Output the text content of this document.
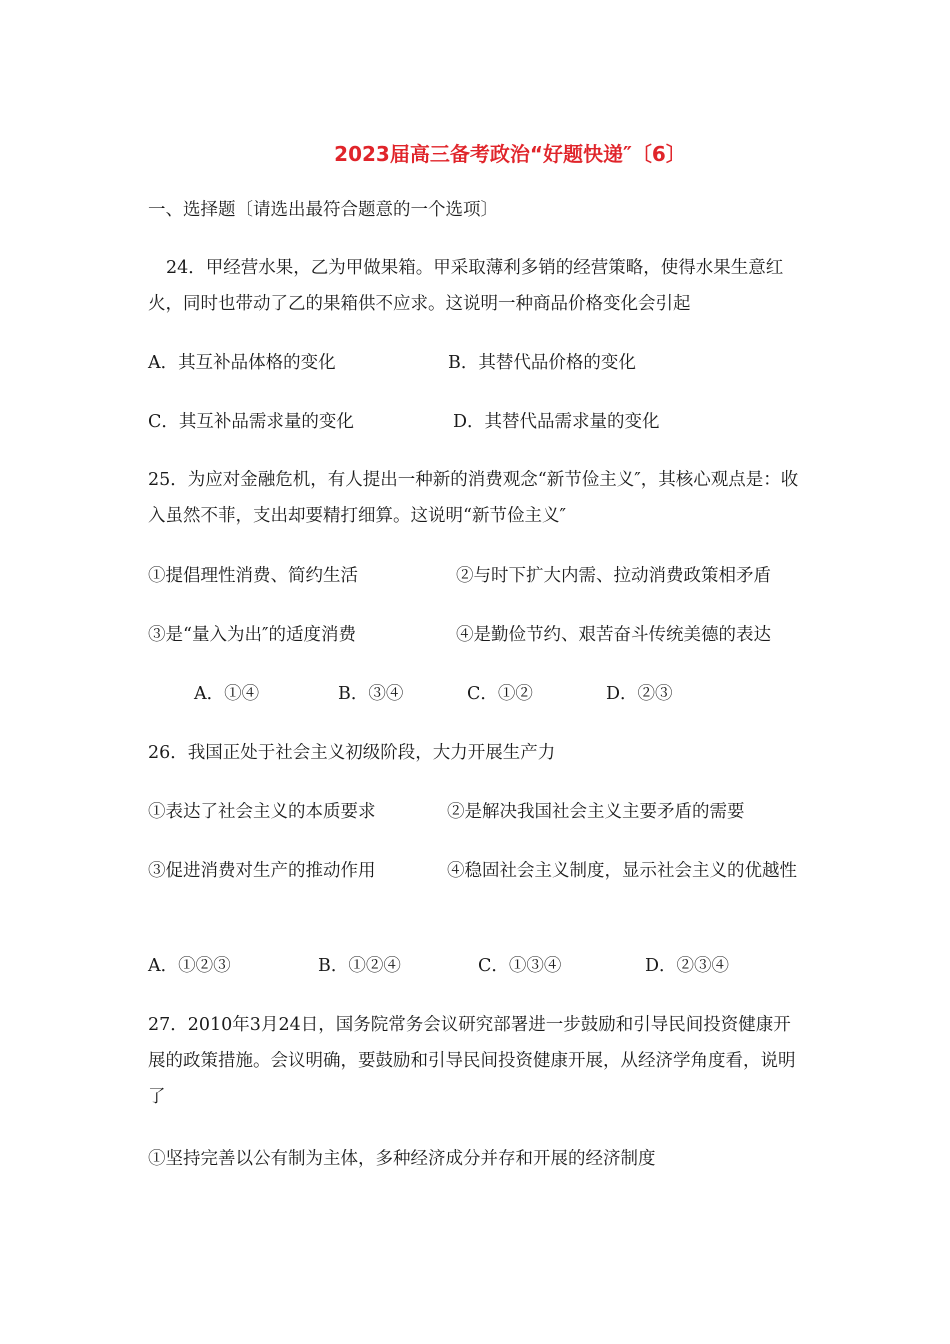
2023届高三备考政治“好题快递″〔6〕
一、选择题〔请选出最符合题意的一个选项〕
24．甲经营水果，乙为甲做果箱。甲采取薄利多销的经营策略，使得水果生意红火，同时也带动了乙的果箱供不应求。这说明一种商品价格变化会引起
A．其互补品体格的变化	B．其替代品价格的变化
C．其互补品需求量的变化	D．其替代品需求量的变化
25．为应对金融危机，有人提出一种新的消费观念“新节俭主义″，其核心观点是：收入虽然不菲，支出却要精打细算。这说明“新节俭主义″
①提倡理性消费、简约生活	②与时下扩大内需、拉动消费政策相矛盾
③是“量入为出″的适度消费	④是勤俭节约、艰苦奋斗传统美德的表达
A．①④	B．③④	C．①②	D．②③
26．我国正处于社会主义初级阶段，大力开展生产力
①表达了社会主义的本质要求	②是解决我国社会主义主要矛盾的需要
③促进消费对生产的推动作用	④稳固社会主义制度，显示社会主义的优越性
A．①②③	B．①②④	C．①③④	D．②③④
27．2010年3月24日，国务院常务会议研究部署进一步鼓励和引导民间投资健康开展的政策措施。会议明确，要鼓励和引导民间投资健康开展，从经济学角度看，说明了
①坚持完善以公有制为主体，多种经济成分并存和开展的经济制度
